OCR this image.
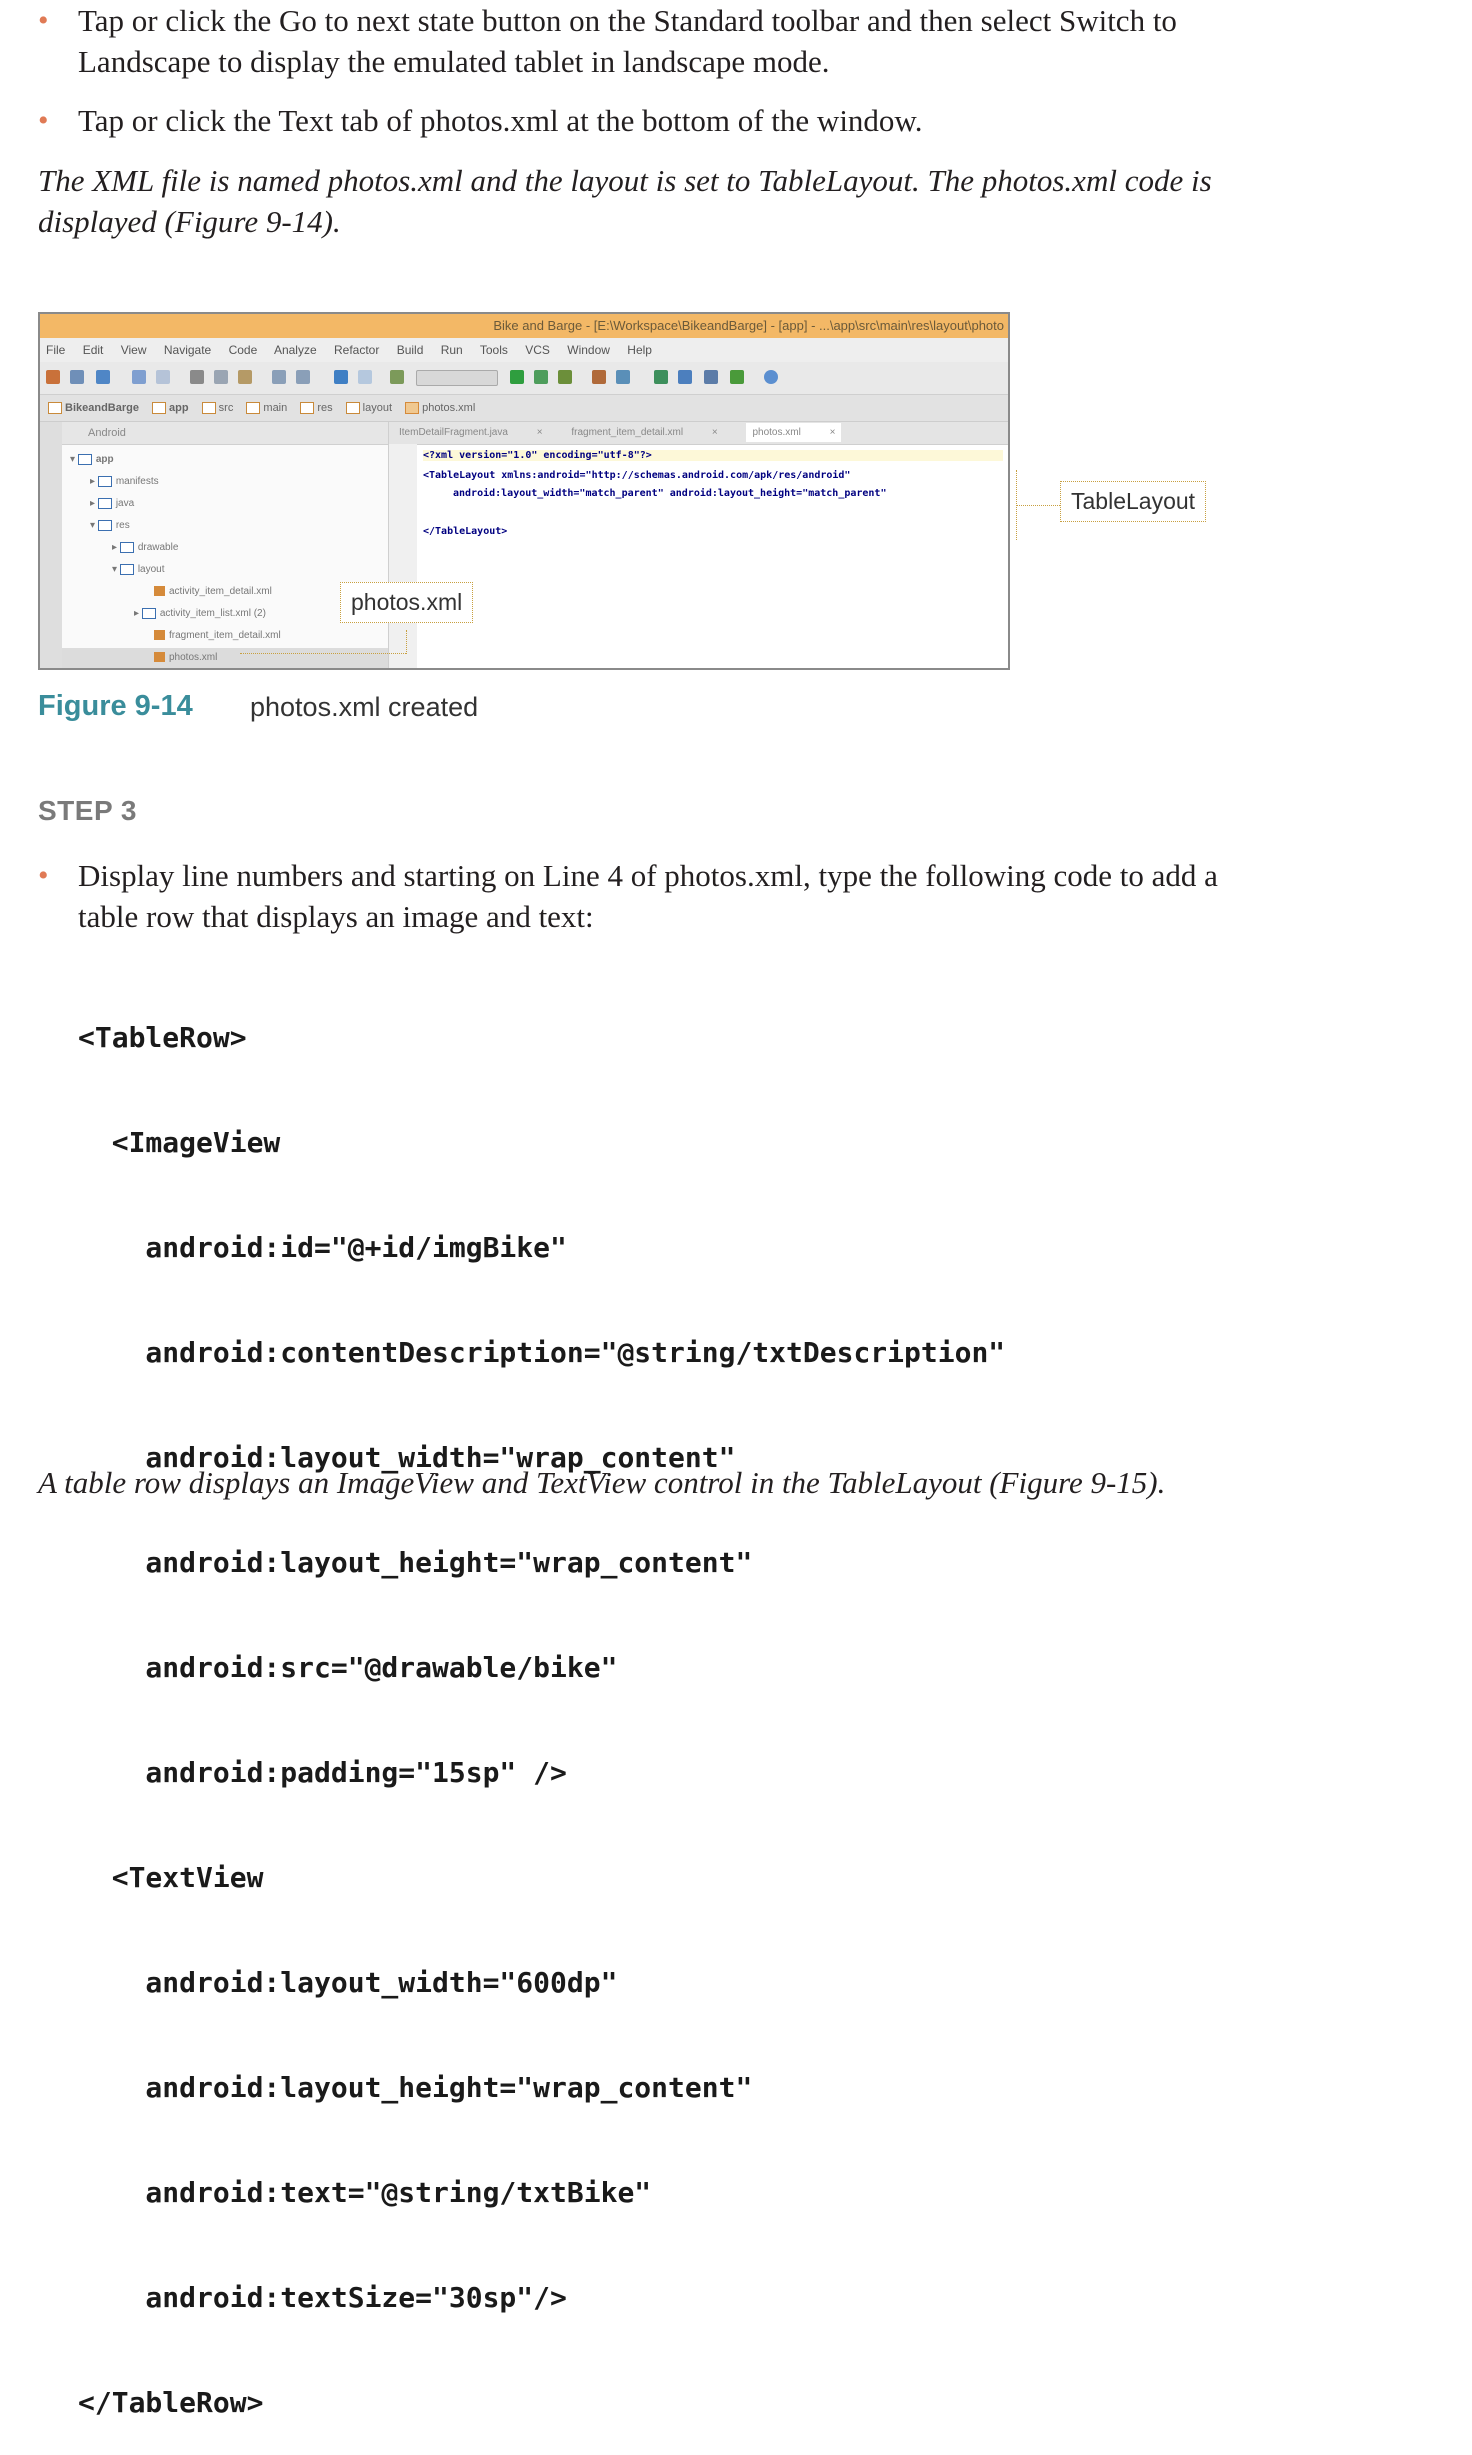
• Tap or click the Go to next state button on the Standard toolbar and then select Switch to
Landscape to display the emulated tablet in landscape mode.
• Tap or click the Text tab of photos.xml at the bottom of the window.
The XML file is named photos.xml and the layout is set to TableLayout. The photos.xml code is
displayed (Figure 9-14).
Bike and Barge - [E:\Workspace\BikeandBarge] - [app] - ...\app\src\main\res\layout\photo
File Edit View Navigate Code Analyze Refactor Build Run Tools VCS Window Help
BikeandBarge	app	src	main	res	layout	photos.xml
Android
▾ app
▸ manifests
▸ java
▾ res
▸ drawable
▾ layout
activity_item_detail.xml
▸ activity_item_list.xml (2)
fragment_item_detail.xml
photos.xml
ItemDetailFragment.java	×	fragment_item_detail.xml	×	photos.xml	×
<?xml version="1.0" encoding="utf-8"?>
<TableLayout xmlns:android="http://schemas.android.com/apk/res/android"
android:layout_width="match_parent" android:layout_height="match_parent"
</TableLayout>
photos.xml
TableLayout
Figure 9-14 photos.xml created
STEP 3
• Display line numbers and starting on Line 4 of photos.xml, type the following code to add a
table row that displays an image and text:

<TableRow>

<ImageView

android:id="@+id/imgBike"

android:contentDescription="@string/txtDescription"

android:layout_width="wrap_content"

android:layout_height="wrap_content"

android:src="@drawable/bike"

android:padding="15sp" />

<TextView

android:layout_width="600dp"

android:layout_height="wrap_content"

android:text="@string/txtBike"

android:textSize="30sp"/>

</TableRow>

A table row displays an ImageView and TextView control in the TableLayout (Figure 9-15).
